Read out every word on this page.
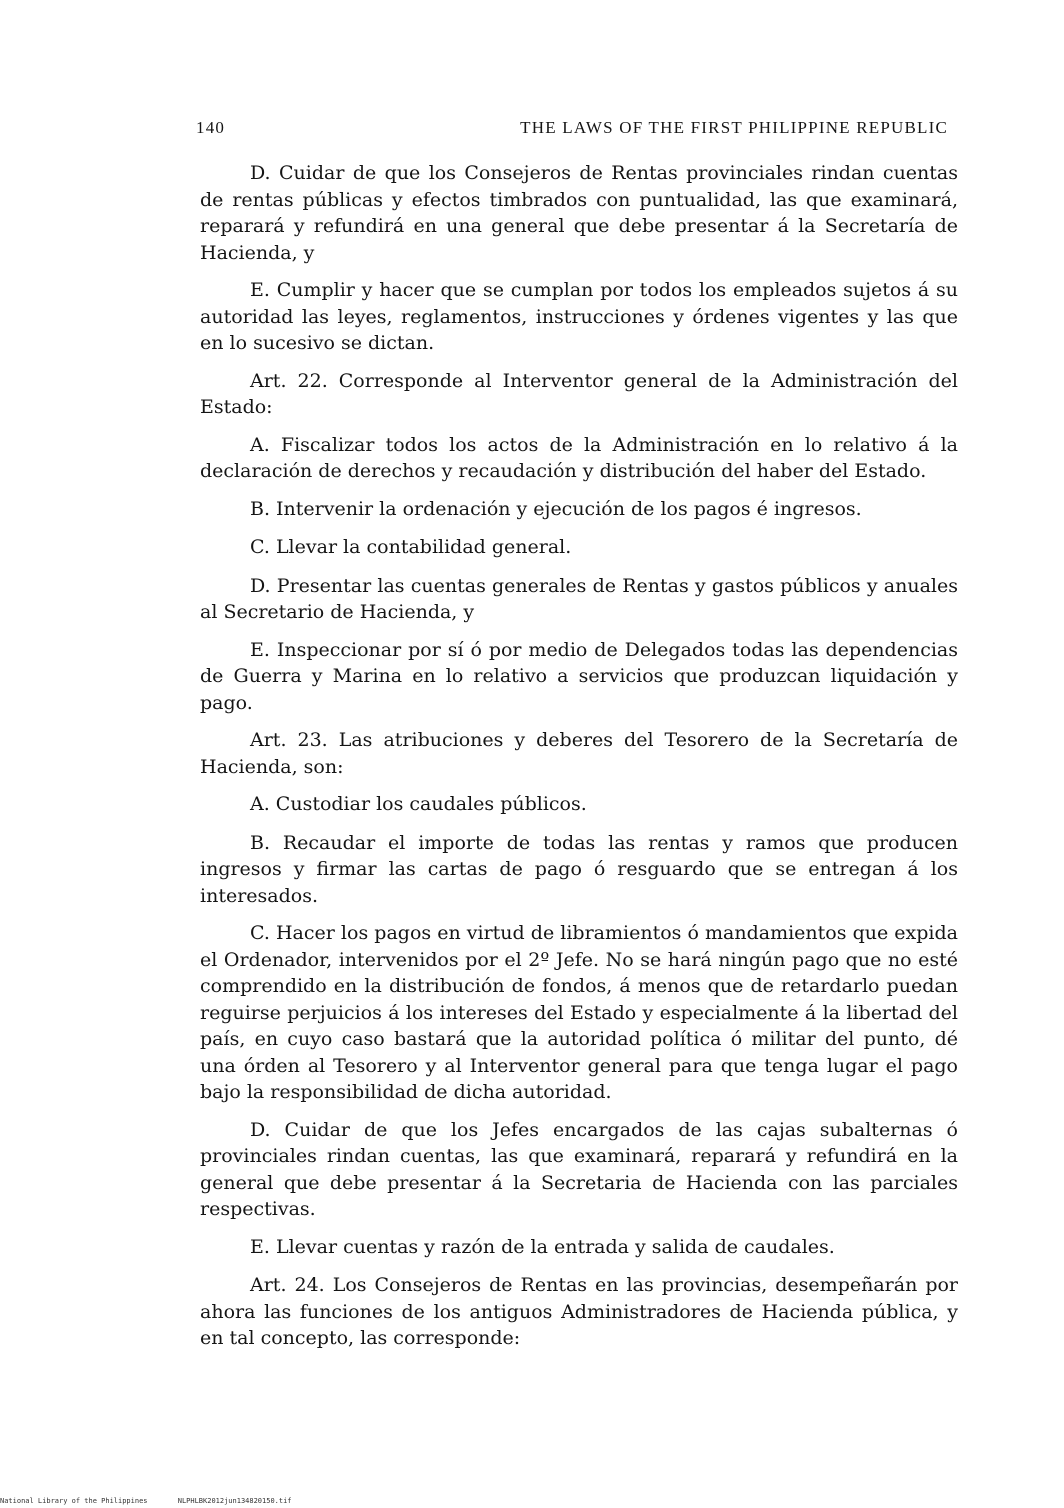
140	THE LAWS OF THE FIRST PHILIPPINE REPUBLIC

D. Cuidar de que los Consejeros de Rentas provinciales rindan cuentas de rentas públicas y efectos timbrados con puntualidad, las que examinará, reparará y refundirá en una general que debe presentar á la Secretaría de Hacienda, y

E. Cumplir y hacer que se cumplan por todos los empleados sujetos á su autoridad las leyes, reglamentos, instrucciones y órdenes vigentes y las que en lo sucesivo se dictan.

Art. 22. Corresponde al Interventor general de la Administración del Estado:

A. Fiscalizar todos los actos de la Administración en lo relativo á la declaración de derechos y recaudación y distribución del haber del Estado.

B. Intervenir la ordenación y ejecución de los pagos é ingresos.

C. Llevar la contabilidad general.

D. Presentar las cuentas generales de Rentas y gastos públicos y anuales al Secretario de Hacienda, y

E. Inspeccionar por sí ó por medio de Delegados todas las dependencias de Guerra y Marina en lo relativo a servicios que produzcan liquidación y pago.

Art. 23. Las atribuciones y deberes del Tesorero de la Secretaría de Hacienda, son:

A. Custodiar los caudales públicos.

B. Recaudar el importe de todas las rentas y ramos que producen ingresos y firmar las cartas de pago ó resguardo que se entregan á los interesados.

C. Hacer los pagos en virtud de libramientos ó mandamientos que expida el Ordenador, intervenidos por el 2º Jefe. No se hará ningún pago que no esté comprendido en la distribución de fondos, á menos que de retardarlo puedan reguirse perjuicios á los intereses del Estado y especialmente á la libertad del país, en cuyo caso bastará que la autoridad política ó militar del punto, dé una órden al Tesorero y al Interventor general para que tenga lugar el pago bajo la responsibilidad de dicha autoridad.

D. Cuidar de que los Jefes encargados de las cajas subalternas ó provinciales rindan cuentas, las que examinará, reparará y refundirá en la general que debe presentar á la Secretaria de Hacienda con las parciales respectivas.

E. Llevar cuentas y razón de la entrada y salida de caudales.

Art. 24. Los Consejeros de Rentas en las provincias, desempeñarán por ahora las funciones de los antiguos Administradores de Hacienda pública, y en tal concepto, las corresponde:

National Library of the Philippines	NLPHLBK2012jun134820150.tif
